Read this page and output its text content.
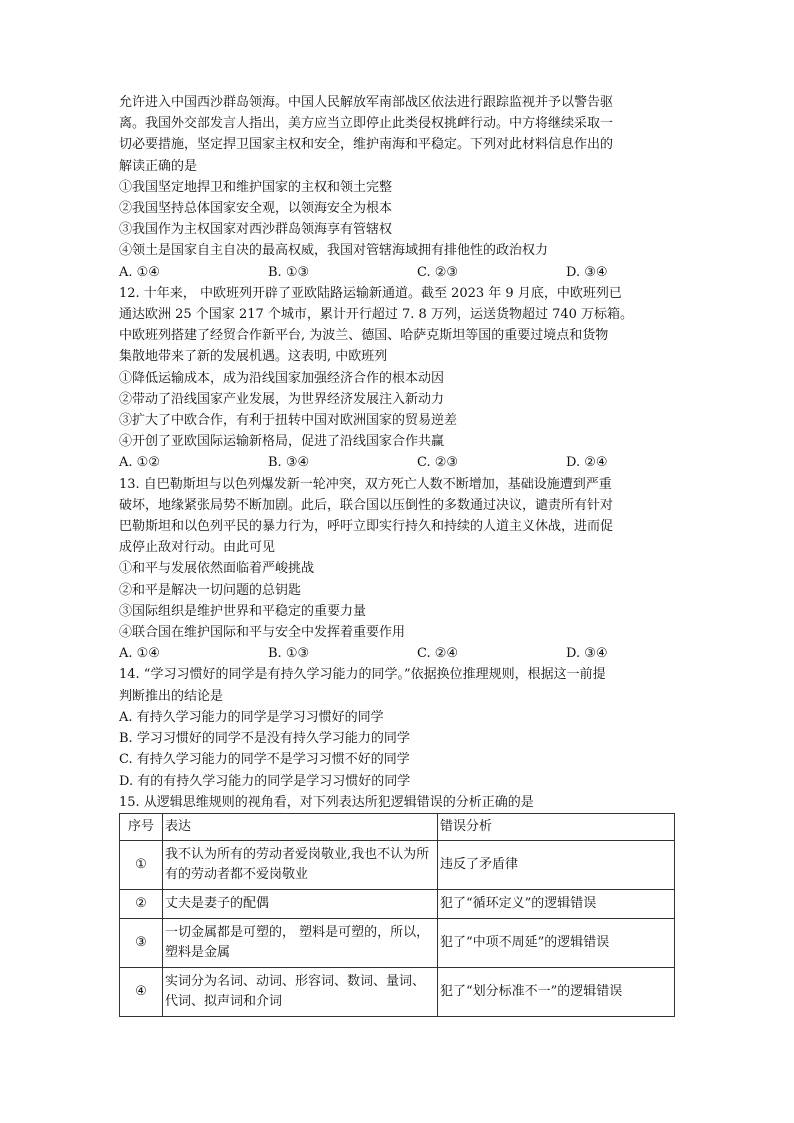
允许进入中国西沙群岛领海。中国人民解放军南部战区依法进行跟踪监视并予以警告驱
离。我国外交部发言人指出，美方应当立即停止此类侵权挑衅行动。中方将继续采取一
切必要措施，坚定捍卫国家主权和安全，维护南海和平稳定。下列对此材料信息作出的
解读正确的是
①我国坚定地捍卫和维护国家的主权和领土完整
②我国坚持总体国家安全观，以领海安全为根本
③我国作为主权国家对西沙群岛领海享有管辖权
④领土是国家自主自决的最高权威，我国对管辖海域拥有排他性的政治权力
A. ①④	B. ①③	C. ②③	D. ③④
12. 十年来， 中欧班列开辟了亚欧陆路运输新通道。截至 2023 年 9 月底，中欧班列已
通达欧洲 25 个国家 217 个城市，累计开行超过 7. 8 万列，运送货物超过 740 万标箱。
中欧班列搭建了经贸合作新平台, 为波兰、德国、哈萨克斯坦等国的重要过境点和货物
集散地带来了新的发展机遇。这表明, 中欧班列
①降低运输成本，成为沿线国家加强经济合作的根本动因
②带动了沿线国家产业发展，为世界经济发展注入新动力
③扩大了中欧合作，有利于扭转中国对欧洲国家的贸易逆差
④开创了亚欧国际运输新格局，促进了沿线国家合作共赢
A. ①②	B. ③④	C. ②③	D. ②④
13. 自巴勒斯坦与以色列爆发新一轮冲突，双方死亡人数不断增加，基础设施遭到严重
破坏，地缘紧张局势不断加剧。此后，联合国以压倒性的多数通过决议，谴责所有针对
巴勒斯坦和以色列平民的暴力行为，呼吁立即实行持久和持续的人道主义休战，进而促
成停止敌对行动。由此可见
①和平与发展依然面临着严峻挑战
②和平是解决一切问题的总钥匙
③国际组织是维护世界和平稳定的重要力量
④联合国在维护国际和平与安全中发挥着重要作用
A. ①④	B. ①③	C. ②④	D. ③④
14. “学习习惯好的同学是有持久学习能力的同学。”依据换位推理规则，根据这一前提
判断推出的结论是
A. 有持久学习能力的同学是学习习惯好的同学
B. 学习习惯好的同学不是没有持久学习能力的同学
C. 有持久学习能力的同学不是学习习惯不好的同学
D. 有的有持久学习能力的同学是学习习惯好的同学
15. 从逻辑思维规则的视角看，对下列表达所犯逻辑错误的分析正确的是
序号	表达	错误分析
①	我不认为所有的劳动者爱岗敬业,我也不认为所有的劳动者都不爱岗敬业	违反了矛盾律
②	丈夫是妻子的配偶	犯了“循环定义”的逻辑错误
③	一切金属都是可塑的， 塑料是可塑的，所以， 塑料是金属	犯了“中项不周延”的逻辑错误
④	实词分为名词、动词、形容词、数词、量词、代词、拟声词和介词	犯了“划分标准不一”的逻辑错误
